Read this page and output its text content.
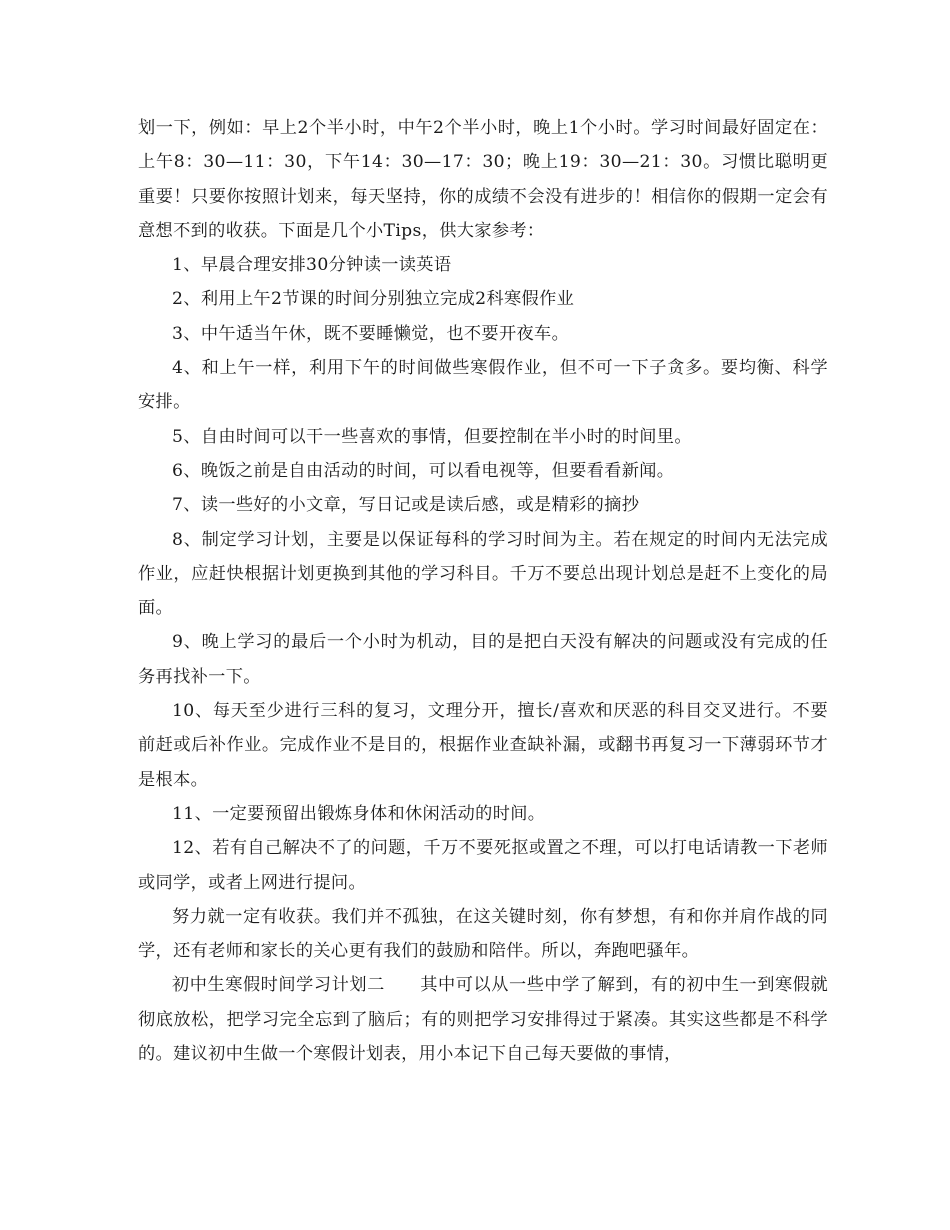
划一下，例如：早上2个半小时，中午2个半小时，晚上1个小时。学习时间最好固定在：上午8：30—11：30，下午14：30—17：30；晚上19：30—21：30。习惯比聪明更重要！只要你按照计划来，每天坚持，你的成绩不会没有进步的！相信你的假期一定会有意想不到的收获。下面是几个小Tips，供大家参考：

1、早晨合理安排30分钟读一读英语

2、利用上午2节课的时间分别独立完成2科寒假作业

3、中午适当午休，既不要睡懒觉，也不要开夜车。

4、和上午一样，利用下午的时间做些寒假作业，但不可一下子贪多。要均衡、科学安排。

5、自由时间可以干一些喜欢的事情，但要控制在半小时的时间里。

6、晚饭之前是自由活动的时间，可以看电视等，但要看看新闻。

7、读一些好的小文章，写日记或是读后感，或是精彩的摘抄

8、制定学习计划，主要是以保证每科的学习时间为主。若在规定的时间内无法完成作业，应赶快根据计划更换到其他的学习科目。千万不要总出现计划总是赶不上变化的局面。

9、晚上学习的最后一个小时为机动，目的是把白天没有解决的问题或没有完成的任务再找补一下。

10、每天至少进行三科的复习，文理分开，擅长/喜欢和厌恶的科目交叉进行。不要前赶或后补作业。完成作业不是目的，根据作业查缺补漏，或翻书再复习一下薄弱环节才是根本。

11、一定要预留出锻炼身体和休闲活动的时间。

12、若有自己解决不了的问题，千万不要死抠或置之不理，可以打电话请教一下老师或同学，或者上网进行提问。

努力就一定有收获。我们并不孤独，在这关键时刻，你有梦想，有和你并肩作战的同学，还有老师和家长的关心更有我们的鼓励和陪伴。所以，奔跑吧骚年。

初中生寒假时间学习计划二　　其中可以从一些中学了解到，有的初中生一到寒假就彻底放松，把学习完全忘到了脑后；有的则把学习安排得过于紧凑。其实这些都是不科学的。建议初中生做一个寒假计划表，用小本记下自己每天要做的事情，
